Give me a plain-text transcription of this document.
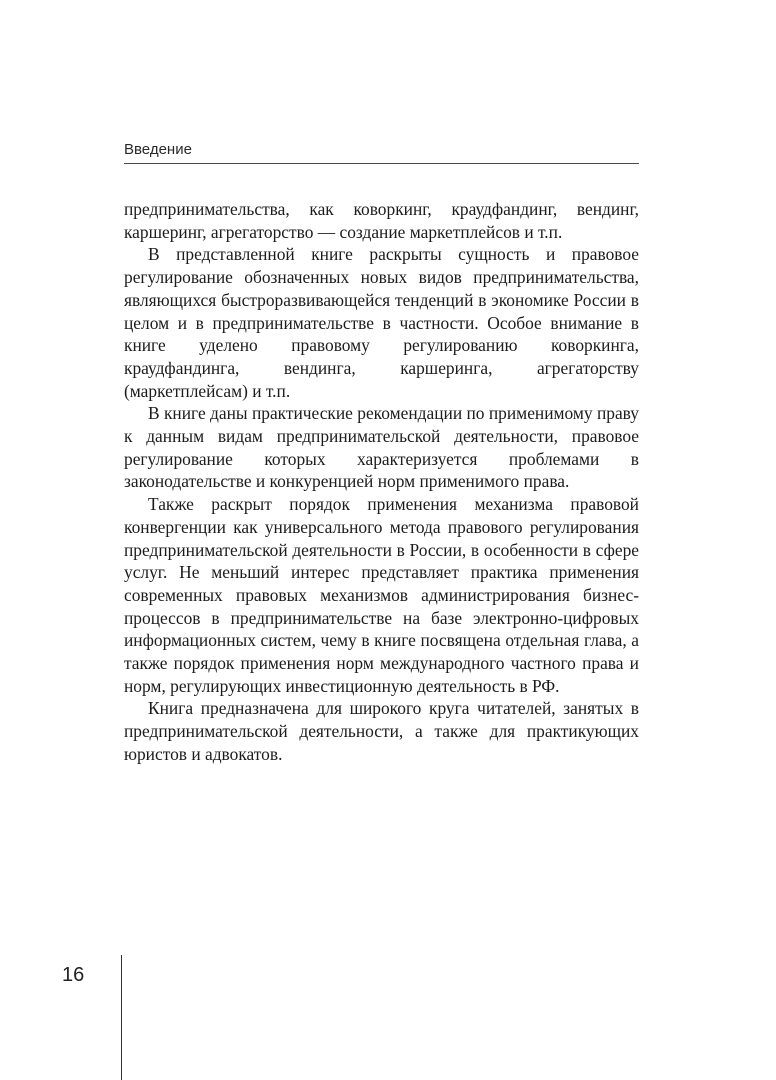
Введение

предпринимательства, как коворкинг, краудфандинг, вендинг, каршеринг, агрегаторство — создание маркетплейсов и т.п.

В представленной книге раскрыты сущность и правовое регулирование обозначенных новых видов предпринимательства, являющихся быстроразвивающейся тенденций в экономике России в целом и в предпринимательстве в частности. Особое внимание в книге уделено правовому регулированию коворкинга, краудфандинга, вендинга, каршеринга, агрегаторству (маркетплейсам) и т.п.

В книге даны практические рекомендации по применимому праву к данным видам предпринимательской деятельности, правовое регулирование которых характеризуется проблемами в законодательстве и конкуренцией норм применимого права.

Также раскрыт порядок применения механизма правовой конвергенции как универсального метода правового регулирования предпринимательской деятельности в России, в особенности в сфере услуг. Не меньший интерес представляет практика применения современных правовых механизмов администрирования бизнес-процессов в предпринимательстве на базе электронно-цифровых информационных систем, чему в книге посвящена отдельная глава, а также порядок применения норм международного частного права и норм, регулирующих инвестиционную деятельность в РФ.

Книга предназначена для широкого круга читателей, занятых в предпринимательской деятельности, а также для практикующих юристов и адвокатов.

16
